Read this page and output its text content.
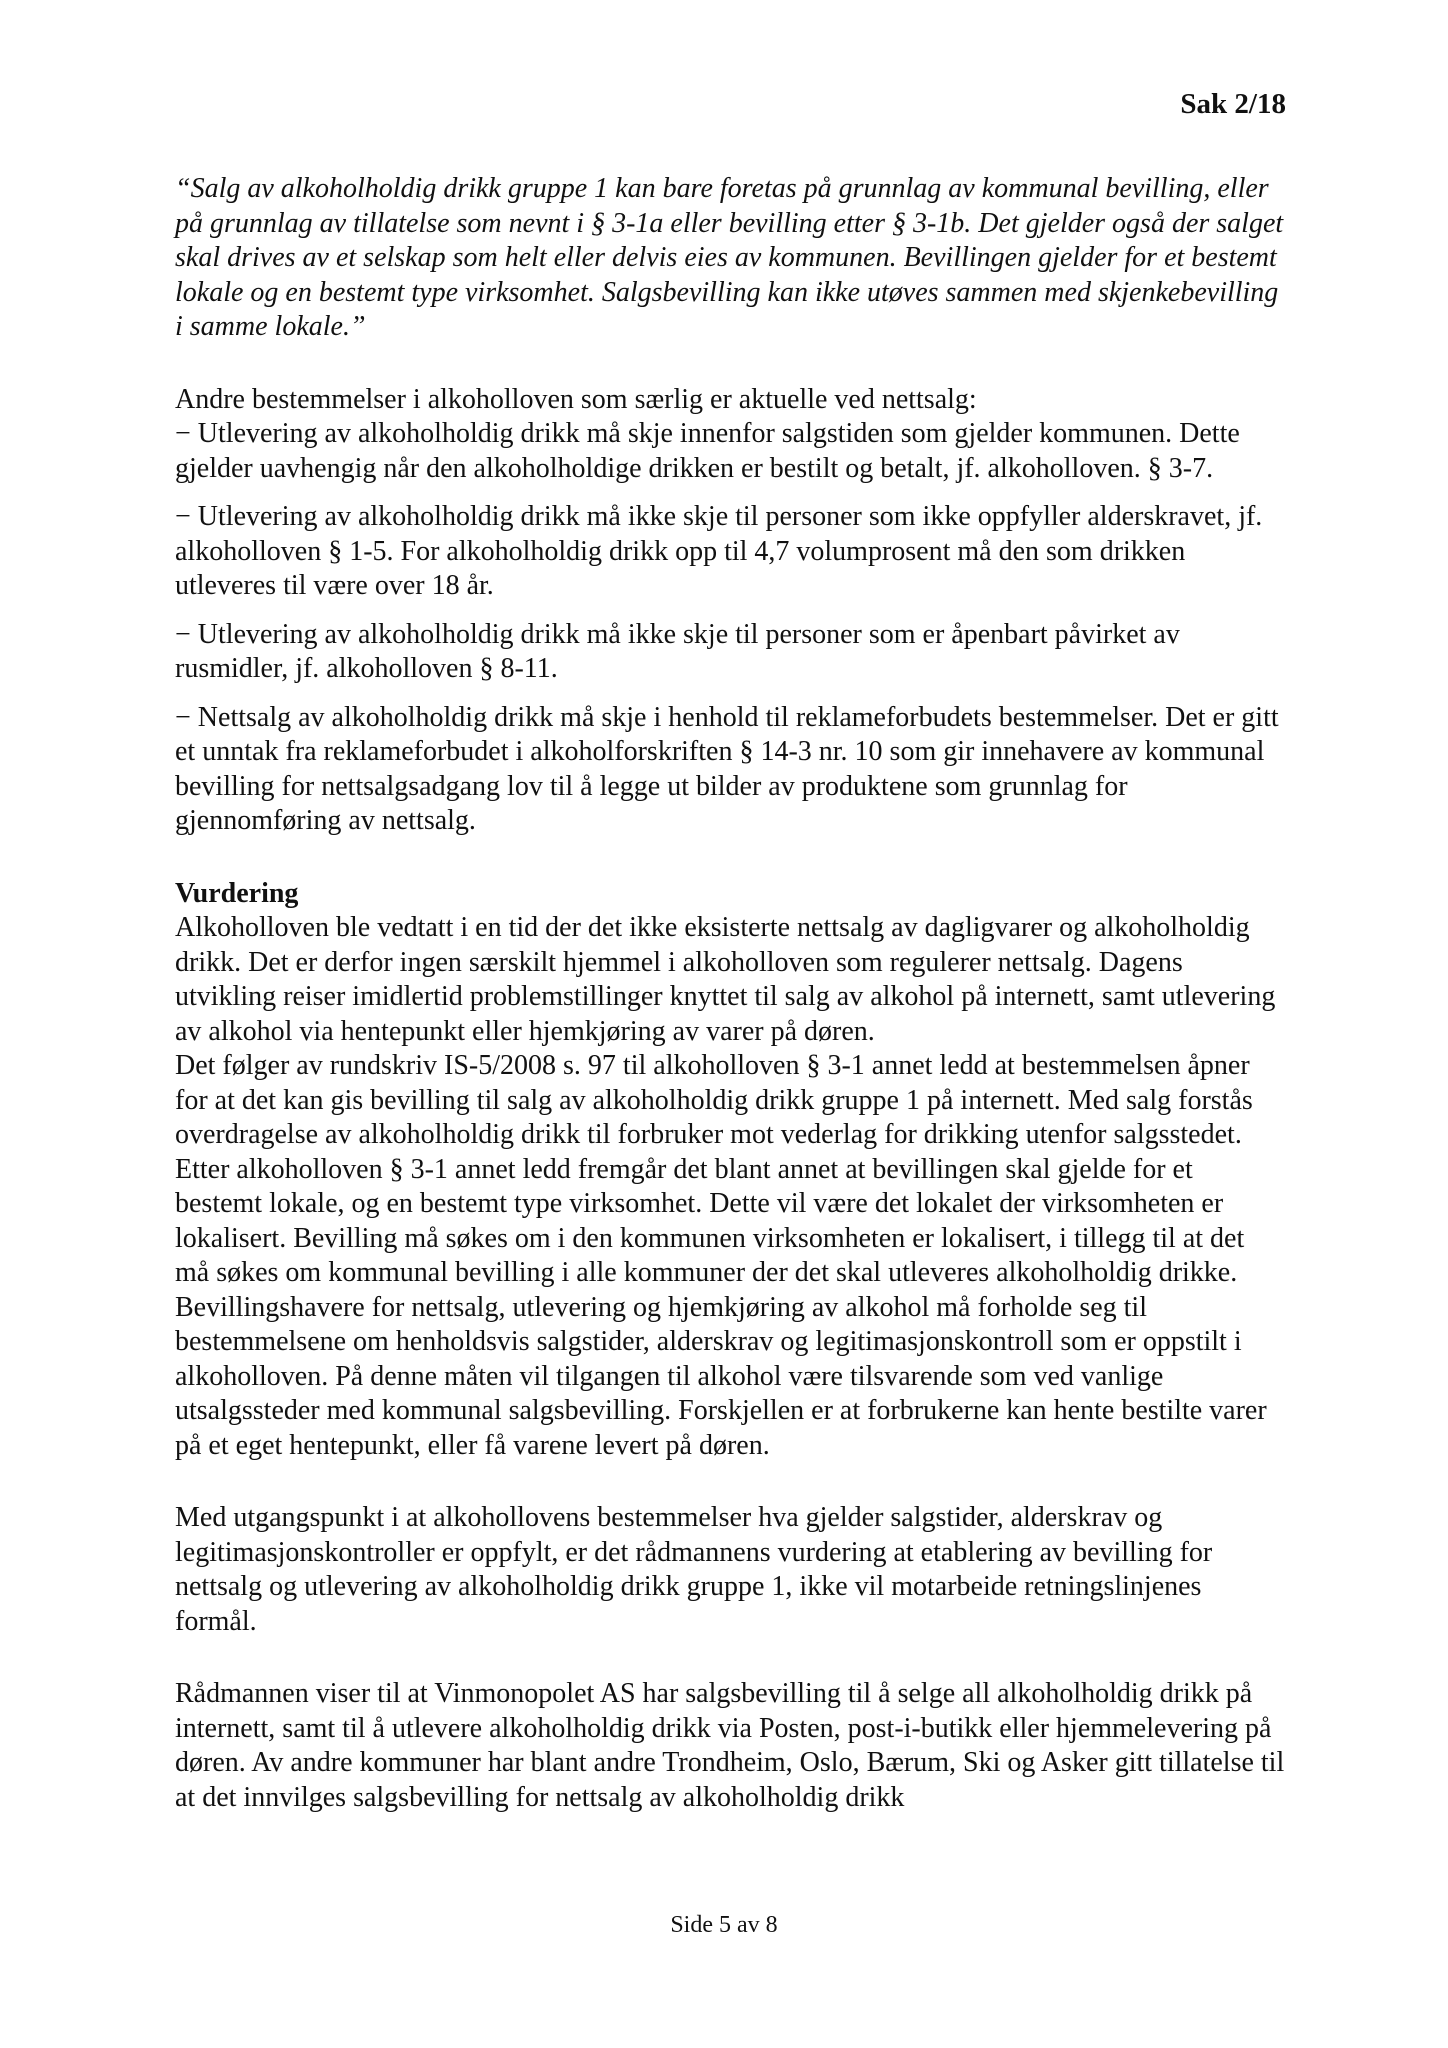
Sak 2/18

“Salg av alkoholholdig drikk gruppe 1 kan bare foretas på grunnlag av kommunal bevilling, eller på grunnlag av tillatelse som nevnt i § 3-1a eller bevilling etter § 3-1b. Det gjelder også der salget skal drives av et selskap som helt eller delvis eies av kommunen. Bevillingen gjelder for et bestemt lokale og en bestemt type virksomhet. Salgsbevilling kan ikke utøves sammen med skjenkebevilling i samme lokale.”

Andre bestemmelser i alkoholloven som særlig er aktuelle ved nettsalg:

− Utlevering av alkoholholdig drikk må skje innenfor salgstiden som gjelder kommunen. Dette gjelder uavhengig når den alkoholholdige drikken er bestilt og betalt, jf. alkoholloven. § 3-7.

− Utlevering av alkoholholdig drikk må ikke skje til personer som ikke oppfyller alderskravet, jf. alkoholloven § 1-5. For alkoholholdig drikk opp til 4,7 volumprosent må den som drikken utleveres til være over 18 år.

− Utlevering av alkoholholdig drikk må ikke skje til personer som er åpenbart påvirket av rusmidler, jf. alkoholloven § 8-11.

− Nettsalg av alkoholholdig drikk må skje i henhold til reklameforbudets bestemmelser. Det er gitt et unntak fra reklameforbudet i alkoholforskriften § 14-3 nr. 10 som gir innehavere av kommunal bevilling for nettsalgsadgang lov til å legge ut bilder av produktene som grunnlag for gjennomføring av nettsalg.

Vurdering

Alkoholloven ble vedtatt i en tid der det ikke eksisterte nettsalg av dagligvarer og alkoholholdig drikk. Det er derfor ingen særskilt hjemmel i alkoholloven som regulerer nettsalg. Dagens utvikling reiser imidlertid problemstillinger knyttet til salg av alkohol på internett, samt utlevering av alkohol via hentepunkt eller hjemkjøring av varer på døren.

Det følger av rundskriv IS-5/2008 s. 97 til alkoholloven § 3-1 annet ledd at bestemmelsen åpner for at det kan gis bevilling til salg av alkoholholdig drikk gruppe 1 på internett. Med salg forstås overdragelse av alkoholholdig drikk til forbruker mot vederlag for drikking utenfor salgsstedet. Etter alkoholloven § 3-1 annet ledd fremgår det blant annet at bevillingen skal gjelde for et bestemt lokale, og en bestemt type virksomhet. Dette vil være det lokalet der virksomheten er lokalisert. Bevilling må søkes om i den kommunen virksomheten er lokalisert, i tillegg til at det må søkes om kommunal bevilling i alle kommuner der det skal utleveres alkoholholdig drikke.

Bevillingshavere for nettsalg, utlevering og hjemkjøring av alkohol må forholde seg til bestemmelsene om henholdsvis salgstider, alderskrav og legitimasjonskontroll som er oppstilt i alkoholloven. På denne måten vil tilgangen til alkohol være tilsvarende som ved vanlige utsalgssteder med kommunal salgsbevilling. Forskjellen er at forbrukerne kan hente bestilte varer på et eget hentepunkt, eller få varene levert på døren.

Med utgangspunkt i at alkohollovens bestemmelser hva gjelder salgstider, alderskrav og legitimasjonskontroller er oppfylt, er det rådmannens vurdering at etablering av bevilling for nettsalg og utlevering av alkoholholdig drikk gruppe 1, ikke vil motarbeide retningslinjenes formål.

Rådmannen viser til at Vinmonopolet AS har salgsbevilling til å selge all alkoholholdig drikk på internett, samt til å utlevere alkoholholdig drikk via Posten, post-i-butikk eller hjemmelevering på døren. Av andre kommuner har blant andre Trondheim, Oslo, Bærum, Ski og Asker gitt tillatelse til at det innvilges salgsbevilling for nettsalg av alkoholholdig drikk

Side 5 av 8
